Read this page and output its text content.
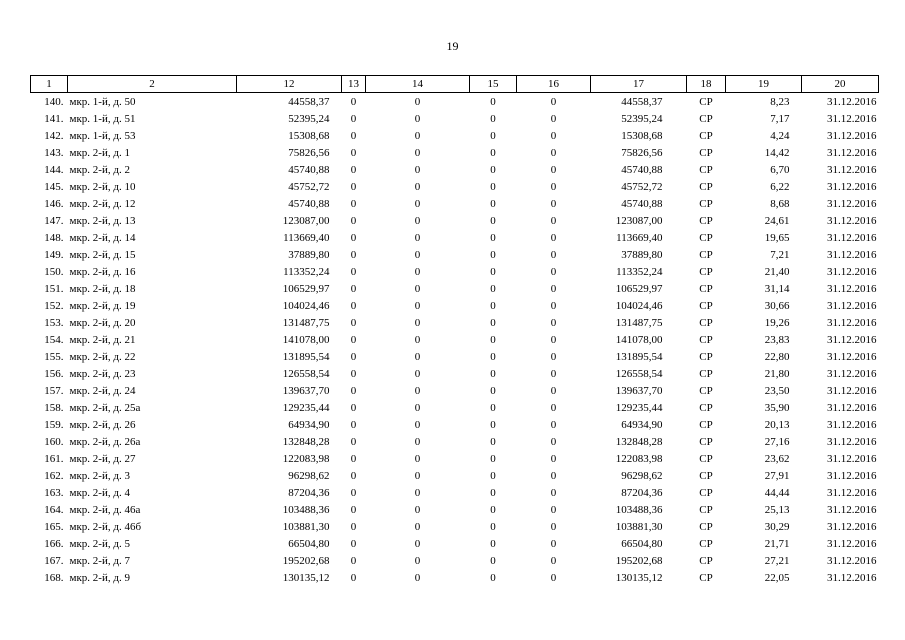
19
1	2	12	13	14	15	16	17	18	19	20
140.	мкр. 1-й, д. 50	44558,37	0	0	0	0	44558,37	СР	8,23	31.12.2016
141.	мкр. 1-й, д. 51	52395,24	0	0	0	0	52395,24	СР	7,17	31.12.2016
142.	мкр. 1-й, д. 53	15308,68	0	0	0	0	15308,68	СР	4,24	31.12.2016
143.	мкр. 2-й, д. 1	75826,56	0	0	0	0	75826,56	СР	14,42	31.12.2016
144.	мкр. 2-й, д. 2	45740,88	0	0	0	0	45740,88	СР	6,70	31.12.2016
145.	мкр. 2-й, д. 10	45752,72	0	0	0	0	45752,72	СР	6,22	31.12.2016
146.	мкр. 2-й, д. 12	45740,88	0	0	0	0	45740,88	СР	8,68	31.12.2016
147.	мкр. 2-й, д. 13	123087,00	0	0	0	0	123087,00	СР	24,61	31.12.2016
148.	мкр. 2-й, д. 14	113669,40	0	0	0	0	113669,40	СР	19,65	31.12.2016
149.	мкр. 2-й, д. 15	37889,80	0	0	0	0	37889,80	СР	7,21	31.12.2016
150.	мкр. 2-й, д. 16	113352,24	0	0	0	0	113352,24	СР	21,40	31.12.2016
151.	мкр. 2-й, д. 18	106529,97	0	0	0	0	106529,97	СР	31,14	31.12.2016
152.	мкр. 2-й, д. 19	104024,46	0	0	0	0	104024,46	СР	30,66	31.12.2016
153.	мкр. 2-й, д. 20	131487,75	0	0	0	0	131487,75	СР	19,26	31.12.2016
154.	мкр. 2-й, д. 21	141078,00	0	0	0	0	141078,00	СР	23,83	31.12.2016
155.	мкр. 2-й, д. 22	131895,54	0	0	0	0	131895,54	СР	22,80	31.12.2016
156.	мкр. 2-й, д. 23	126558,54	0	0	0	0	126558,54	СР	21,80	31.12.2016
157.	мкр. 2-й, д. 24	139637,70	0	0	0	0	139637,70	СР	23,50	31.12.2016
158.	мкр. 2-й, д. 25а	129235,44	0	0	0	0	129235,44	СР	35,90	31.12.2016
159.	мкр. 2-й, д. 26	64934,90	0	0	0	0	64934,90	СР	20,13	31.12.2016
160.	мкр. 2-й, д. 26а	132848,28	0	0	0	0	132848,28	СР	27,16	31.12.2016
161.	мкр. 2-й, д. 27	122083,98	0	0	0	0	122083,98	СР	23,62	31.12.2016
162.	мкр. 2-й, д. 3	96298,62	0	0	0	0	96298,62	СР	27,91	31.12.2016
163.	мкр. 2-й, д. 4	87204,36	0	0	0	0	87204,36	СР	44,44	31.12.2016
164.	мкр. 2-й, д. 46а	103488,36	0	0	0	0	103488,36	СР	25,13	31.12.2016
165.	мкр. 2-й, д. 46б	103881,30	0	0	0	0	103881,30	СР	30,29	31.12.2016
166.	мкр. 2-й, д. 5	66504,80	0	0	0	0	66504,80	СР	21,71	31.12.2016
167.	мкр. 2-й, д. 7	195202,68	0	0	0	0	195202,68	СР	27,21	31.12.2016
168.	мкр. 2-й, д. 9	130135,12	0	0	0	0	130135,12	СР	22,05	31.12.2016
